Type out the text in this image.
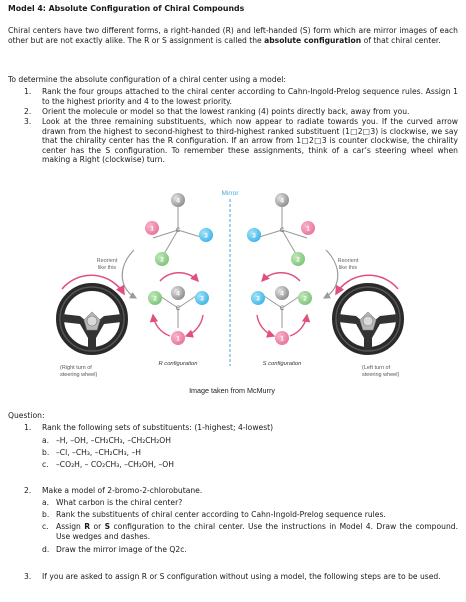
Model 4: Absolute Configuration of Chiral Compounds
Chiral centers have two different forms, a right-handed (R) and left-handed (S) form which are mirror images of each other but are not exactly alike. The R or S assignment is called the absolute configuration of that chiral center.
To determine the absolute configuration of a chiral center using a model:
1. Rank the four groups attached to the chiral center according to Cahn-Ingold-Prelog sequence rules. Assign 1 to the highest priority and 4 to the lowest priority.
2. Orient the molecule or model so that the lowest ranking (4) points directly back, away from you.
3. Look at the three remaining substituents, which now appear to radiate towards you. If the curved arrow drawn from the highest to second-highest to third-highest ranked substituent (1□2□3) is clockwise, we say that the chirality center has the R configuration. If an arrow from 1□2□3 is counter clockwise, the chirality center has the S configuration. To remember these assignments, think of a car’s steering wheel when making a Right (clockwise) turn.
Mirror
C
4
1
3
2
C
4
1
3
2
Reorient
like this
Reorient
like this
C
4
2	3
1
R configuration
C
4
2
3
1
S configuration
(Right turn of
steering wheel)
(Left turn of
steering wheel)
Image taken from McMurry
Question:
1. Rank the following sets of substituents: (1-highest; 4-lowest)
a. –H, –OH, –CH₂CH₃, –CH₂CH₂OH
b. –Cl, –CH₃, –CH₂CH₃, –H
c. –CO₂H, – CO₂CH₃, –CH₂OH, –OH
2. Make a model of 2-bromo-2-chlorobutane.
a. What carbon is the chiral center?
b. Rank the substituents of chiral center according to Cahn-Ingold-Prelog sequence rules.
c. Assign R or S configuration to the chiral center. Use the instructions in Model 4. Draw the compound. Use wedges and dashes.
d. Draw the mirror image of the Q2c.
3. If you are asked to assign R or S configuration without using a model, the following steps are to be used.
